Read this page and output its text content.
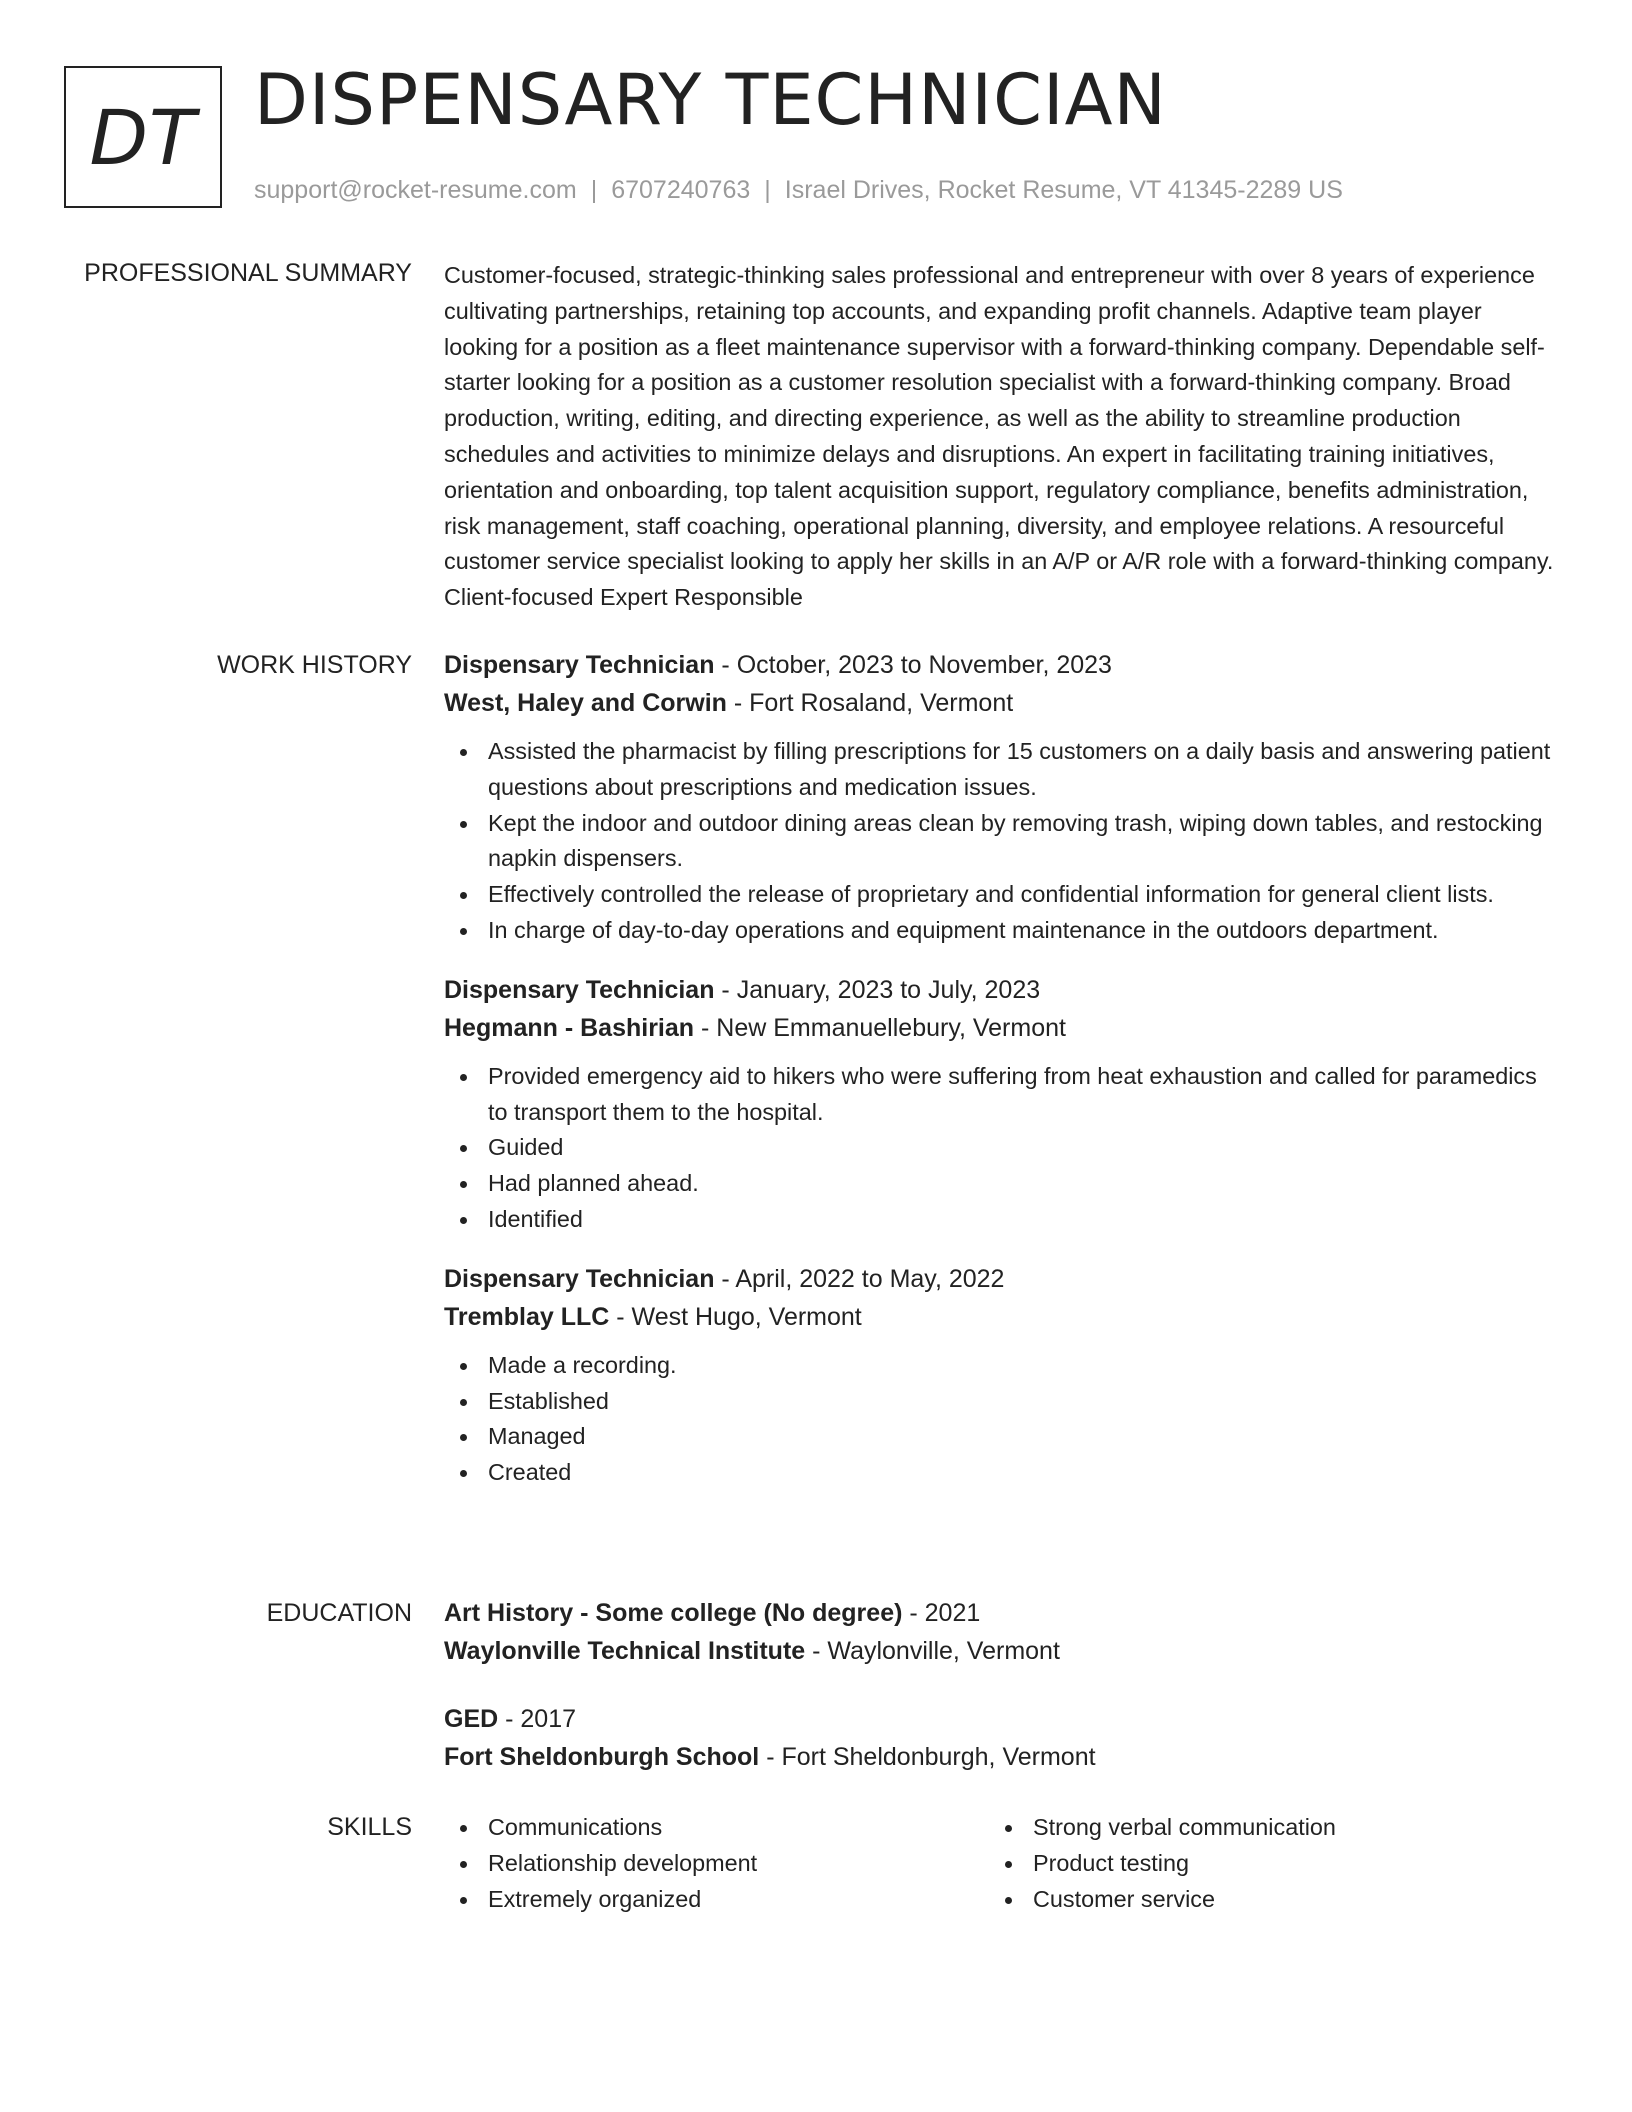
DT DISPENSARY TECHNICIAN
support@rocket-resume.com | 6707240763 | Israel Drives, Rocket Resume, VT 41345-2289 US
PROFESSIONAL SUMMARY Customer-focused, strategic-thinking sales professional and entrepreneur with over 8 years of experience cultivating partnerships, retaining top accounts, and expanding profit channels. Adaptive team player looking for a position as a fleet maintenance supervisor with a forward-thinking company. Dependable self-starter looking for a position as a customer resolution specialist with a forward-thinking company. Broad production, writing, editing, and directing experience, as well as the ability to streamline production schedules and activities to minimize delays and disruptions. An expert in facilitating training initiatives, orientation and onboarding, top talent acquisition support, regulatory compliance, benefits administration, risk management, staff coaching, operational planning, diversity, and employee relations. A resourceful customer service specialist looking to apply her skills in an A/P or A/R role with a forward-thinking company. Client-focused Expert Responsible

WORK HISTORY Dispensary Technician - October, 2023 to November, 2023
West, Haley and Corwin - Fort Rosaland, Vermont
Assisted the pharmacist by filling prescriptions for 15 customers on a daily basis and answering patient questions about prescriptions and medication issues.
Kept the indoor and outdoor dining areas clean by removing trash, wiping down tables, and restocking napkin dispensers.
Effectively controlled the release of proprietary and confidential information for general client lists.
In charge of day-to-day operations and equipment maintenance in the outdoors department.
Dispensary Technician - January, 2023 to July, 2023
Hegmann - Bashirian - New Emmanuellebury, Vermont
Provided emergency aid to hikers who were suffering from heat exhaustion and called for paramedics to transport them to the hospital.
Guided
Had planned ahead.
Identified
Dispensary Technician - April, 2022 to May, 2022
Tremblay LLC - West Hugo, Vermont
Made a recording.
Established
Managed
Created
EDUCATION Art History - Some college (No degree) - 2021
Waylonville Technical Institute - Waylonville, Vermont
GED - 2017
Fort Sheldonburgh School - Fort Sheldonburgh, Vermont
SKILLS	Communications
Relationship development
Extremely organized
Strong verbal communication
Product testing
Customer service
